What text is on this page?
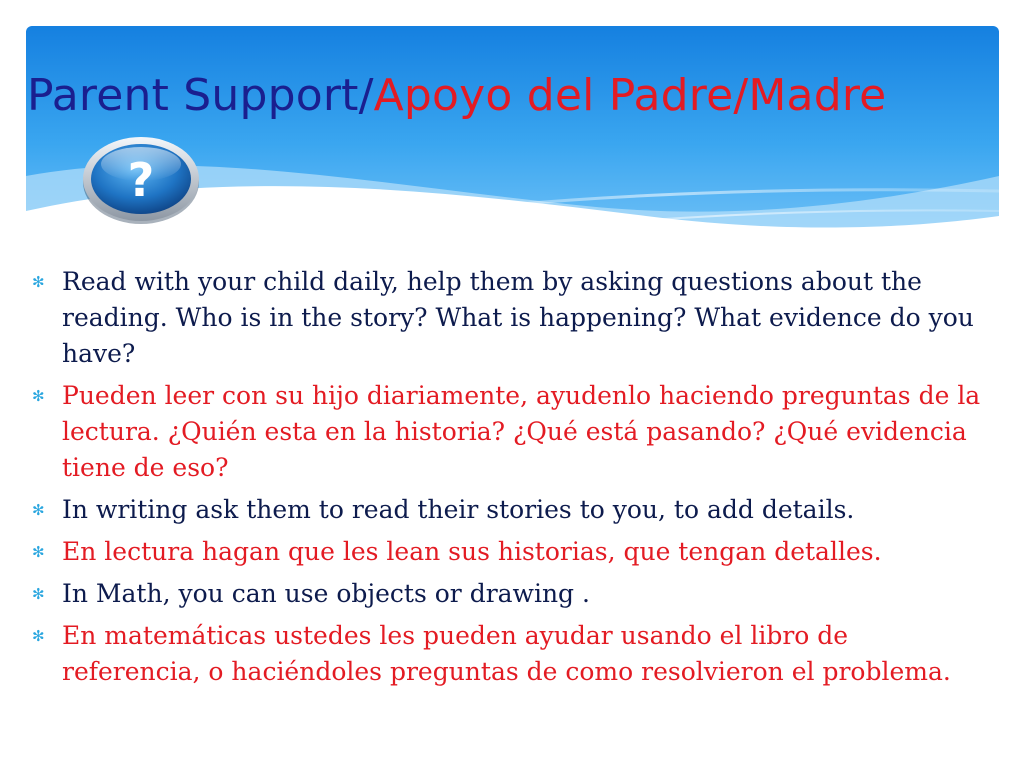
Parent Support/Apoyo del Padre/Madre
?
✻ Read with your child daily, help them by asking questions about the reading. Who is in the story? What is happening? What evidence do you have?
✻ Pueden leer con su hijo diariamente, ayudenlo haciendo preguntas de la lectura. ¿Quién esta en la historia? ¿Qué está pasando? ¿Qué evidencia tiene de eso?
✻ In writing ask them to read their stories to you, to add details.
✻ En lectura hagan que les lean sus historias, que tengan detalles.
✻ In Math, you can use objects or drawing .
✻ En matemáticas ustedes les pueden ayudar usando el libro de referencia, o haciéndoles preguntas de como resolvieron el problema.
